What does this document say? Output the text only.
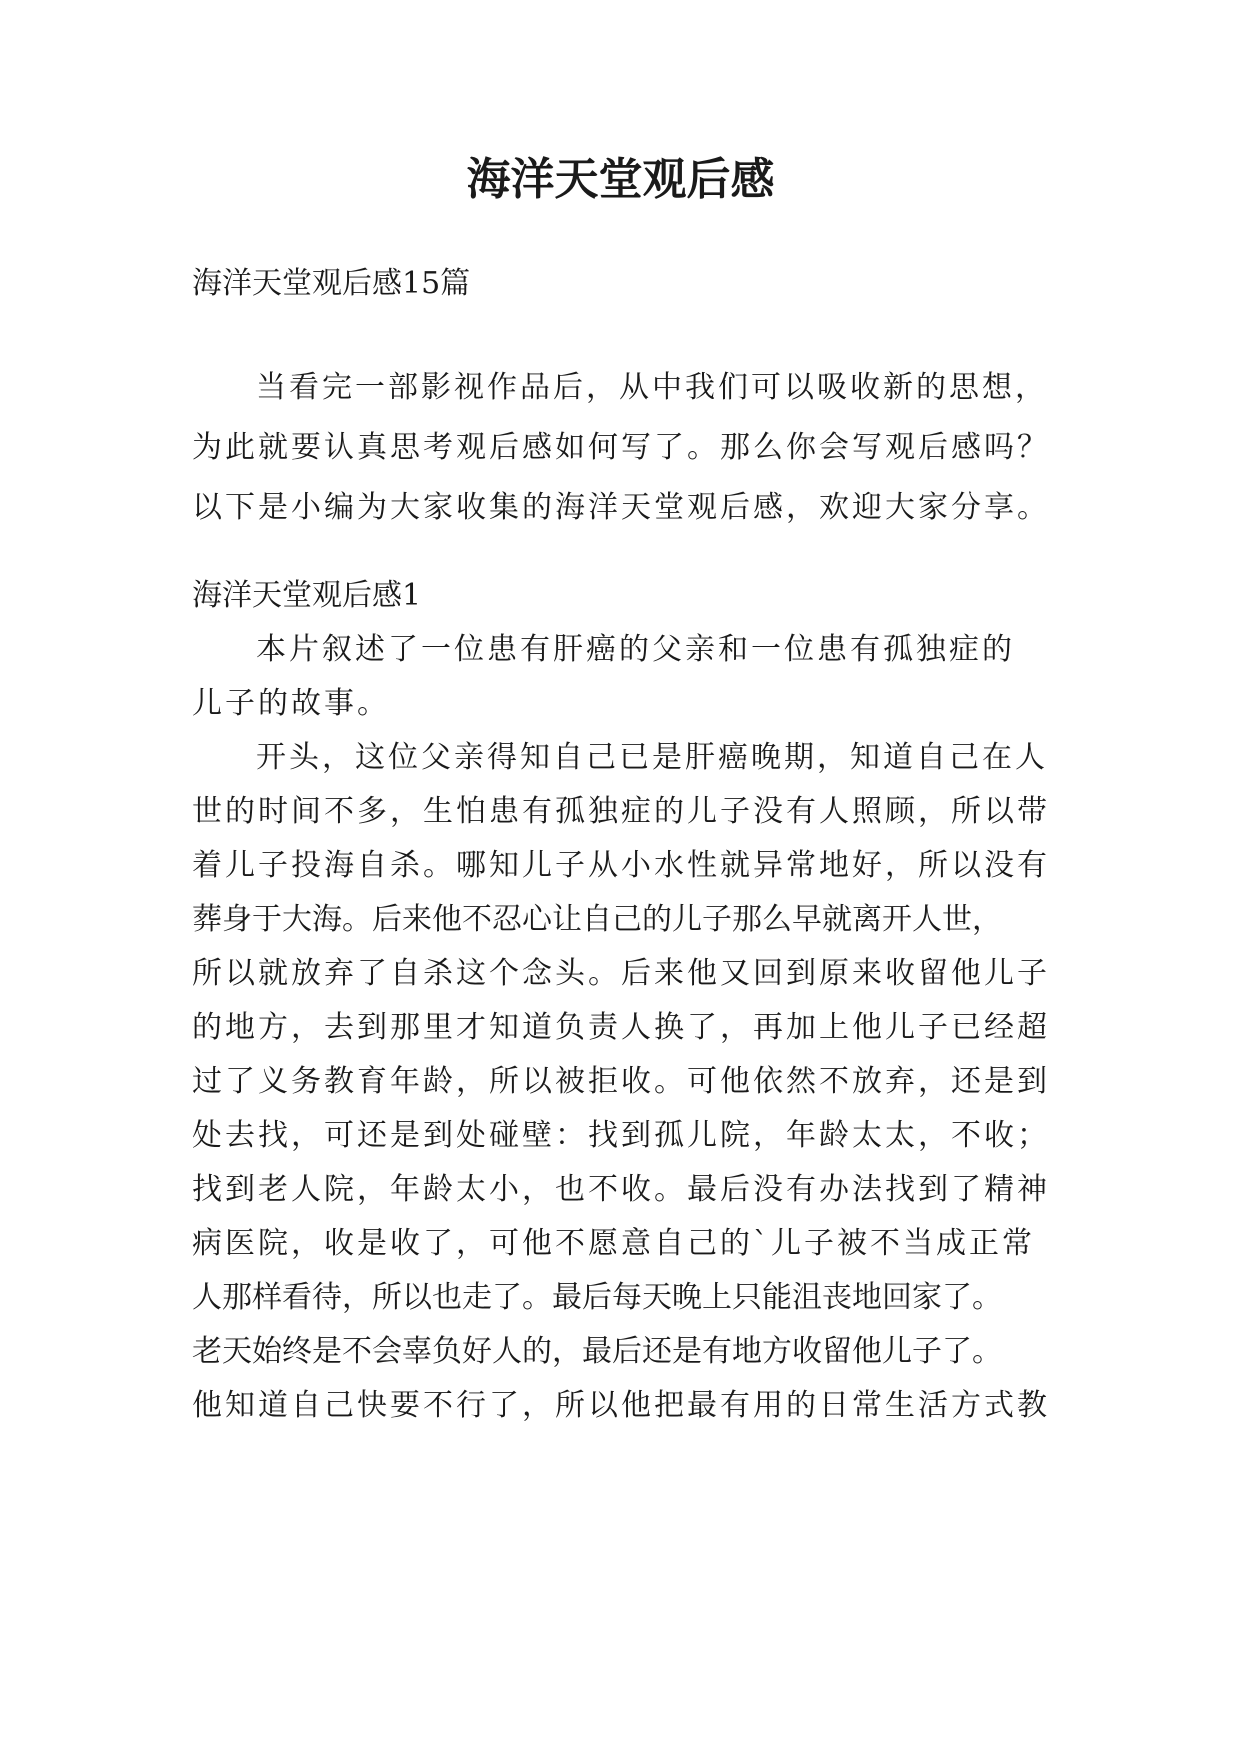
海洋天堂观后感
海洋天堂观后感15篇
当看完一部影视作品后，从中我们可以吸收新的思想，
为此就要认真思考观后感如何写了。那么你会写观后感吗？
以下是小编为大家收集的海洋天堂观后感，欢迎大家分享。
海洋天堂观后感1
本片叙述了一位患有肝癌的父亲和一位患有孤独症的
儿子的故事。
开头，这位父亲得知自己已是肝癌晚期，知道自己在人
世的时间不多，生怕患有孤独症的儿子没有人照顾，所以带
着儿子投海自杀。哪知儿子从小水性就异常地好，所以没有
葬身于大海。后来他不忍心让自己的儿子那么早就离开人世，
所以就放弃了自杀这个念头。后来他又回到原来收留他儿子
的地方，去到那里才知道负责人换了，再加上他儿子已经超
过了义务教育年龄，所以被拒收。可他依然不放弃，还是到
处去找，可还是到处碰壁：找到孤儿院，年龄太太，不收；
找到老人院，年龄太小，也不收。最后没有办法找到了精神
病医院，收是收了，可他不愿意自己的`儿子被不当成正常
人那样看待，所以也走了。最后每天晚上只能沮丧地回家了。
老天始终是不会辜负好人的，最后还是有地方收留他儿子了。
他知道自己快要不行了，所以他把最有用的日常生活方式教
